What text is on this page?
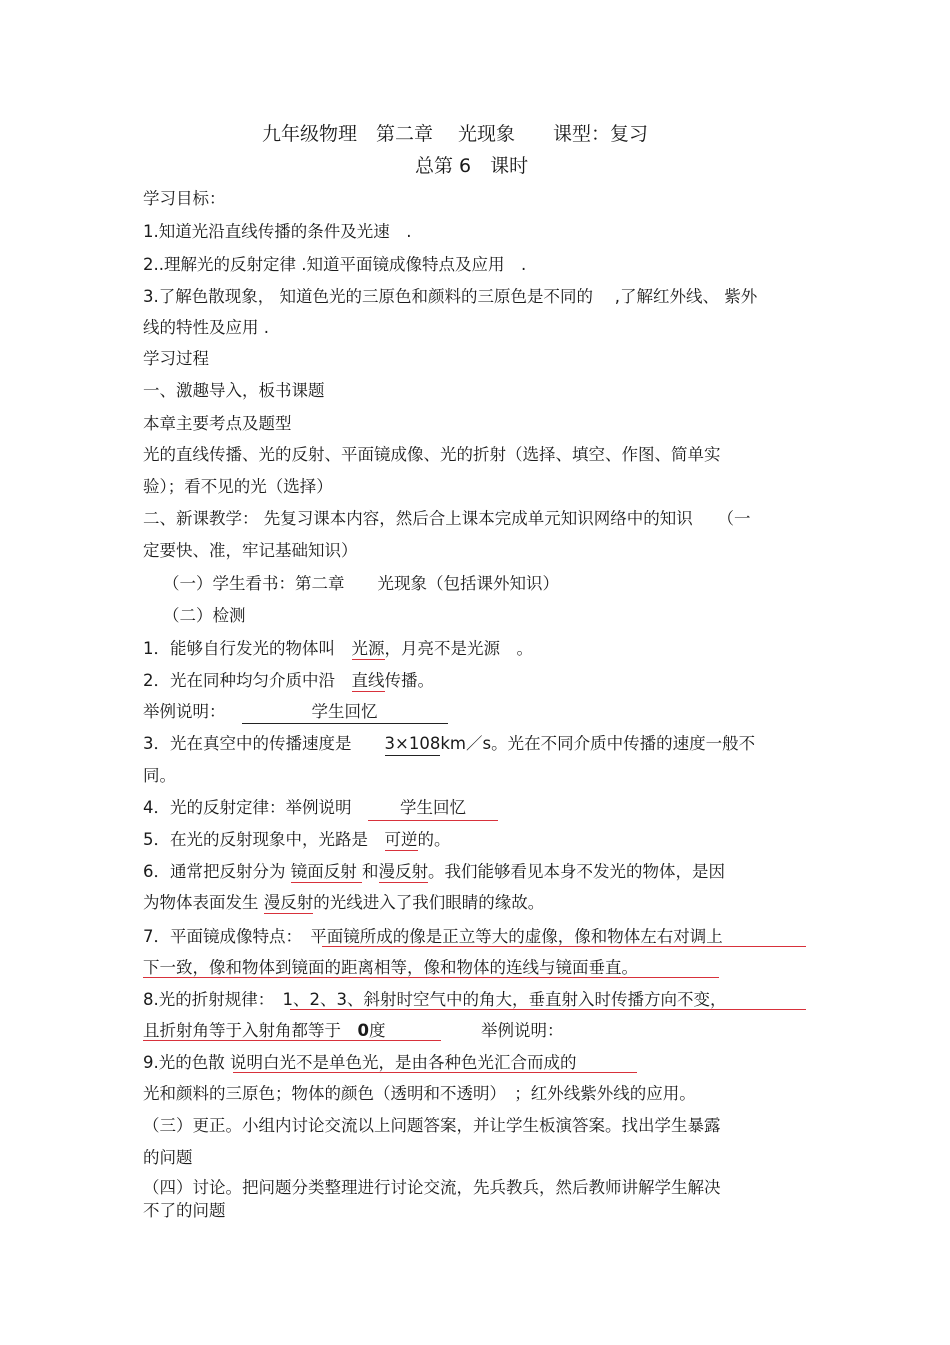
九年级物理　第二章　 光现象　　课型：复习
总第 6　课时
学习目标：
1.知道光沿直线传播的条件及光速　.
2..理解光的反射定律 .知道平面镜成像特点及应用　.
3.了解色散现象， 知道色光的三原色和颜料的三原色是不同的　 ,了解红外线、 紫外
线的特性及应用 .
学习过程
一、激趣导入，板书课题
本章主要考点及题型
光的直线传播、光的反射、平面镜成像、光的折射（选择、填空、作图、简单实
验）；看不见的光（选择）
二、新课教学： 先复习课本内容，然后合上课本完成单元知识网络中的知识　　（一
定要快、准，牢记基础知识）
（一）学生看书：第二章　　光现象（包括课外知识）
（二）检测
1．能够自行发光的物体叫　光源，月亮不是光源　。
2．光在同种均匀介质中沿　直线传播。
举例说明：	学生回忆
3．光在真空中的传播速度是　　3×108km／s。光在不同介质中传播的速度一般不
同。
4．光的反射定律：举例说明　学生回忆
5．在光的反射现象中，光路是　可逆的。
6．通常把反射分为 镜面反射 和漫反射。我们能够看见本身不发光的物体，是因
为物体表面发生 漫反射的光线进入了我们眼睛的缘故。
7．平面镜成像特点：　平面镜所成的像是正立等大的虚像，像和物体左右对调上
下一致，像和物体到镜面的距离相等，像和物体的连线与镜面垂直。
8.光的折射规律：　1、2、3、斜射时空气中的角大，垂直射入时传播方向不变，
且折射角等于入射角都等于　0度	举例说明：
9.光的色散 说明白光不是单色光，是由各种色光汇合而成的
光和颜料的三原色；物体的颜色（透明和不透明）　；红外线紫外线的应用。
（三）更正。小组内讨论交流以上问题答案，并让学生板演答案。找出学生暴露
的问题
（四）讨论。把问题分类整理进行讨论交流，先兵教兵，然后教师讲解学生解决
不了的问题
